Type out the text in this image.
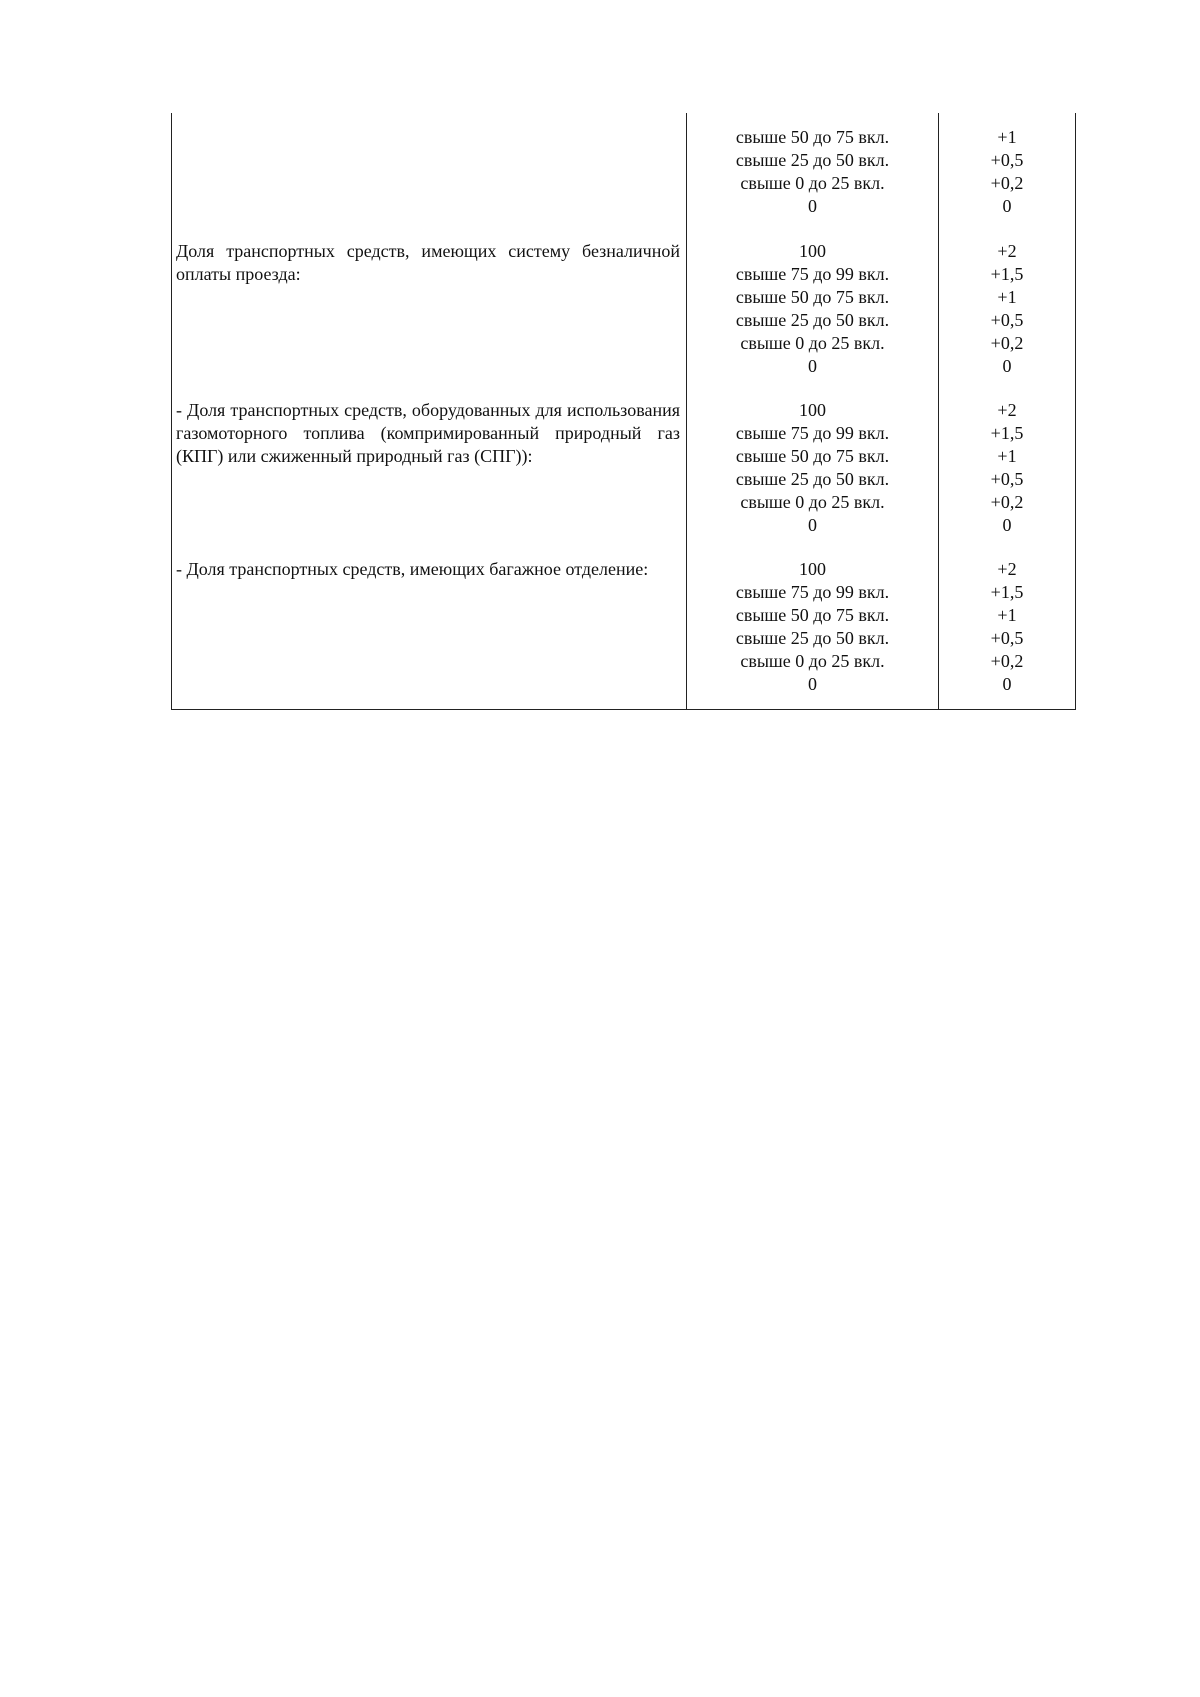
свыше 50 до 75 вкл.
свыше 25 до 50 вкл.
свыше 0 до 25 вкл.
0
+1
+0,5
+0,2
0
Доля транспортных средств, имеющих систему безналичной оплаты проезда:
100
свыше 75 до 99 вкл.
свыше 50 до 75 вкл.
свыше 25 до 50 вкл.
свыше 0 до 25 вкл.
0
+2
+1,5
+1
+0,5
+0,2
0
- Доля транспортных средств, оборудованных для использования газомоторного топлива (компримированный природный газ (КПГ) или сжиженный природный газ (СПГ)):
100
свыше 75 до 99 вкл.
свыше 50 до 75 вкл.
свыше 25 до 50 вкл.
свыше 0 до 25 вкл.
0
+2
+1,5
+1
+0,5
+0,2
0
- Доля транспортных средств, имеющих багажное отделение:	100
свыше 75 до 99 вкл.
свыше 50 до 75 вкл.
свыше 25 до 50 вкл.
свыше 0 до 25 вкл.
0
+2
+1,5
+1
+0,5
+0,2
0
